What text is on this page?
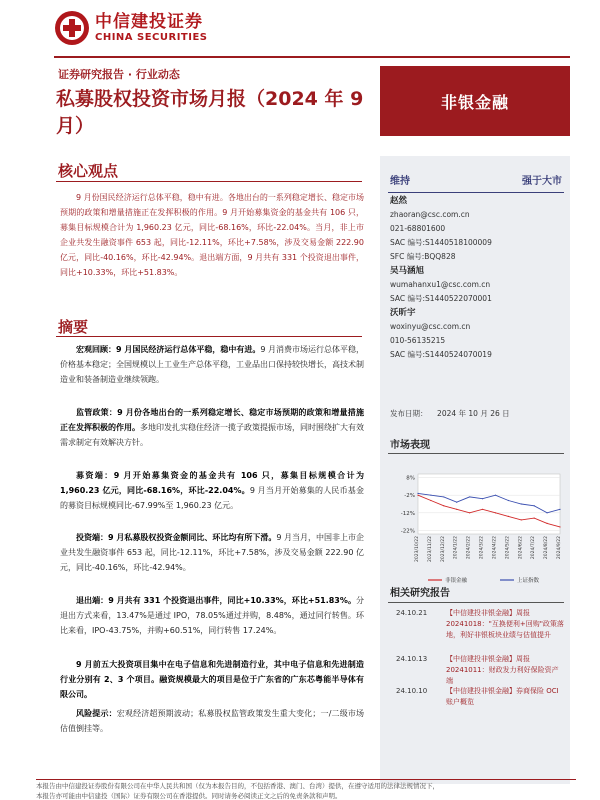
中信建投证券
CHINA SECURITIES
证券研究报告 · 行业动态
私募股权投资市场月报（2024 年 9 月）
非银金融
核心观点
9 月份国民经济运行总体平稳，稳中有进。各地出台的一系列稳定增长、稳定市场预期的政策和增量措施正在发挥积极的作用。9 月开始募集资金的基金共有 106 只，募集目标规模合计为 1,960.23 亿元，同比-68.16%，环比-22.04%。当月，非上市企业共发生融资事件 653 起，同比-12.11%，环比+7.58%，涉及交易金额 222.90 亿元，同比-40.16%，环比-42.94%。退出端方面，9 月共有 331 个投资退出事件，同比+10.33%，环比+51.83%。
摘要
宏观回顾：9 月国民经济运行总体平稳，稳中有进。9 月消费市场运行总体平稳，价格基本稳定；全国规模以上工业生产总体平稳，工业品出口保持较快增长，高技术制造业和装备制造业继续领跑。
监管政策：9 月份各地出台的一系列稳定增长、稳定市场预期的政策和增量措施正在发挥积极的作用。多地印发扎实稳住经济一揽子政策提振市场，同时围绕扩大有效需求制定有效解决方针。
募资端：9 月开始募集资金的基金共有 106 只，募集目标规模合计为 1,960.23 亿元，同比-68.16%，环比-22.04%。9 月当月开始募集的人民币基金的募资目标规模同比-67.99%至 1,960.23 亿元。
投资端：9 月私募股权投资金额同比、环比均有所下滑。9 月当月，中国非上市企业共发生融资事件 653 起，同比-12.11%，环比+7.58%，涉及交易金额 222.90 亿元，同比-40.16%，环比-42.94%。
退出端：9 月共有 331 个投资退出事件，同比+10.33%，环比+51.83%。分退出方式来看，13.47%是通过 IPO，78.05%通过并购，8.48%，通过同行转售。环比来看，IPO-43.75%，并购+60.51%，同行转售 17.24%。
9 月前五大投资项目集中在电子信息和先进制造行业，其中电子信息和先进制造行业分别有 2、3 个项目。融资规模最大的项目是位于广东省的广东芯粤能半导体有限公司。
风险提示：宏观经济超预期波动；私募股权监管政策发生重大变化；一/二级市场估值倒挂等。
维持	强于大市
赵然
zhaoran@csc.com.cn
021-68801600
SAC 编号:S1440518100009
SFC 编号:BQQ828
吴马涵旭
wumahanxu1@csc.com.cn
SAC 编号:S1440522070001
沃昕宇
woxinyu@csc.com.cn
010-56135215
SAC 编号:S1440524070019
发布日期： 2024 年 10 月 26 日
市场表现
8%
-2%
-12%
-22%
2023/10/22 2023/11/22 2023/12/22 2024/1/22 2024/2/22 2024/3/22 2024/4/22 2024/5/22 2024/6/22 2024/7/22 2024/8/22 2024/9/22
非银金融	上证指数
相关研究报告
24.10.21	【中信建投非银金融】周报 20241018："互换便利+回购"政策落地，利好非银板块业绩与估值提升
24.10.13	【中信建投非银金融】周报 20241011：财政发力利好保险资产端
24.10.10	【中信建投非银金融】券商保险 OCI 账户概览
本报告由中信建投证券股份有限公司在中华人民共和国（仅为本报告目的，不包括香港、澳门、台湾）提供，在遵守适用的法律法规情况下，
本报告亦可能由中信建投（国际）证券有限公司在香港提供。同时请务必阅读正文之后的免责条款和声明。
